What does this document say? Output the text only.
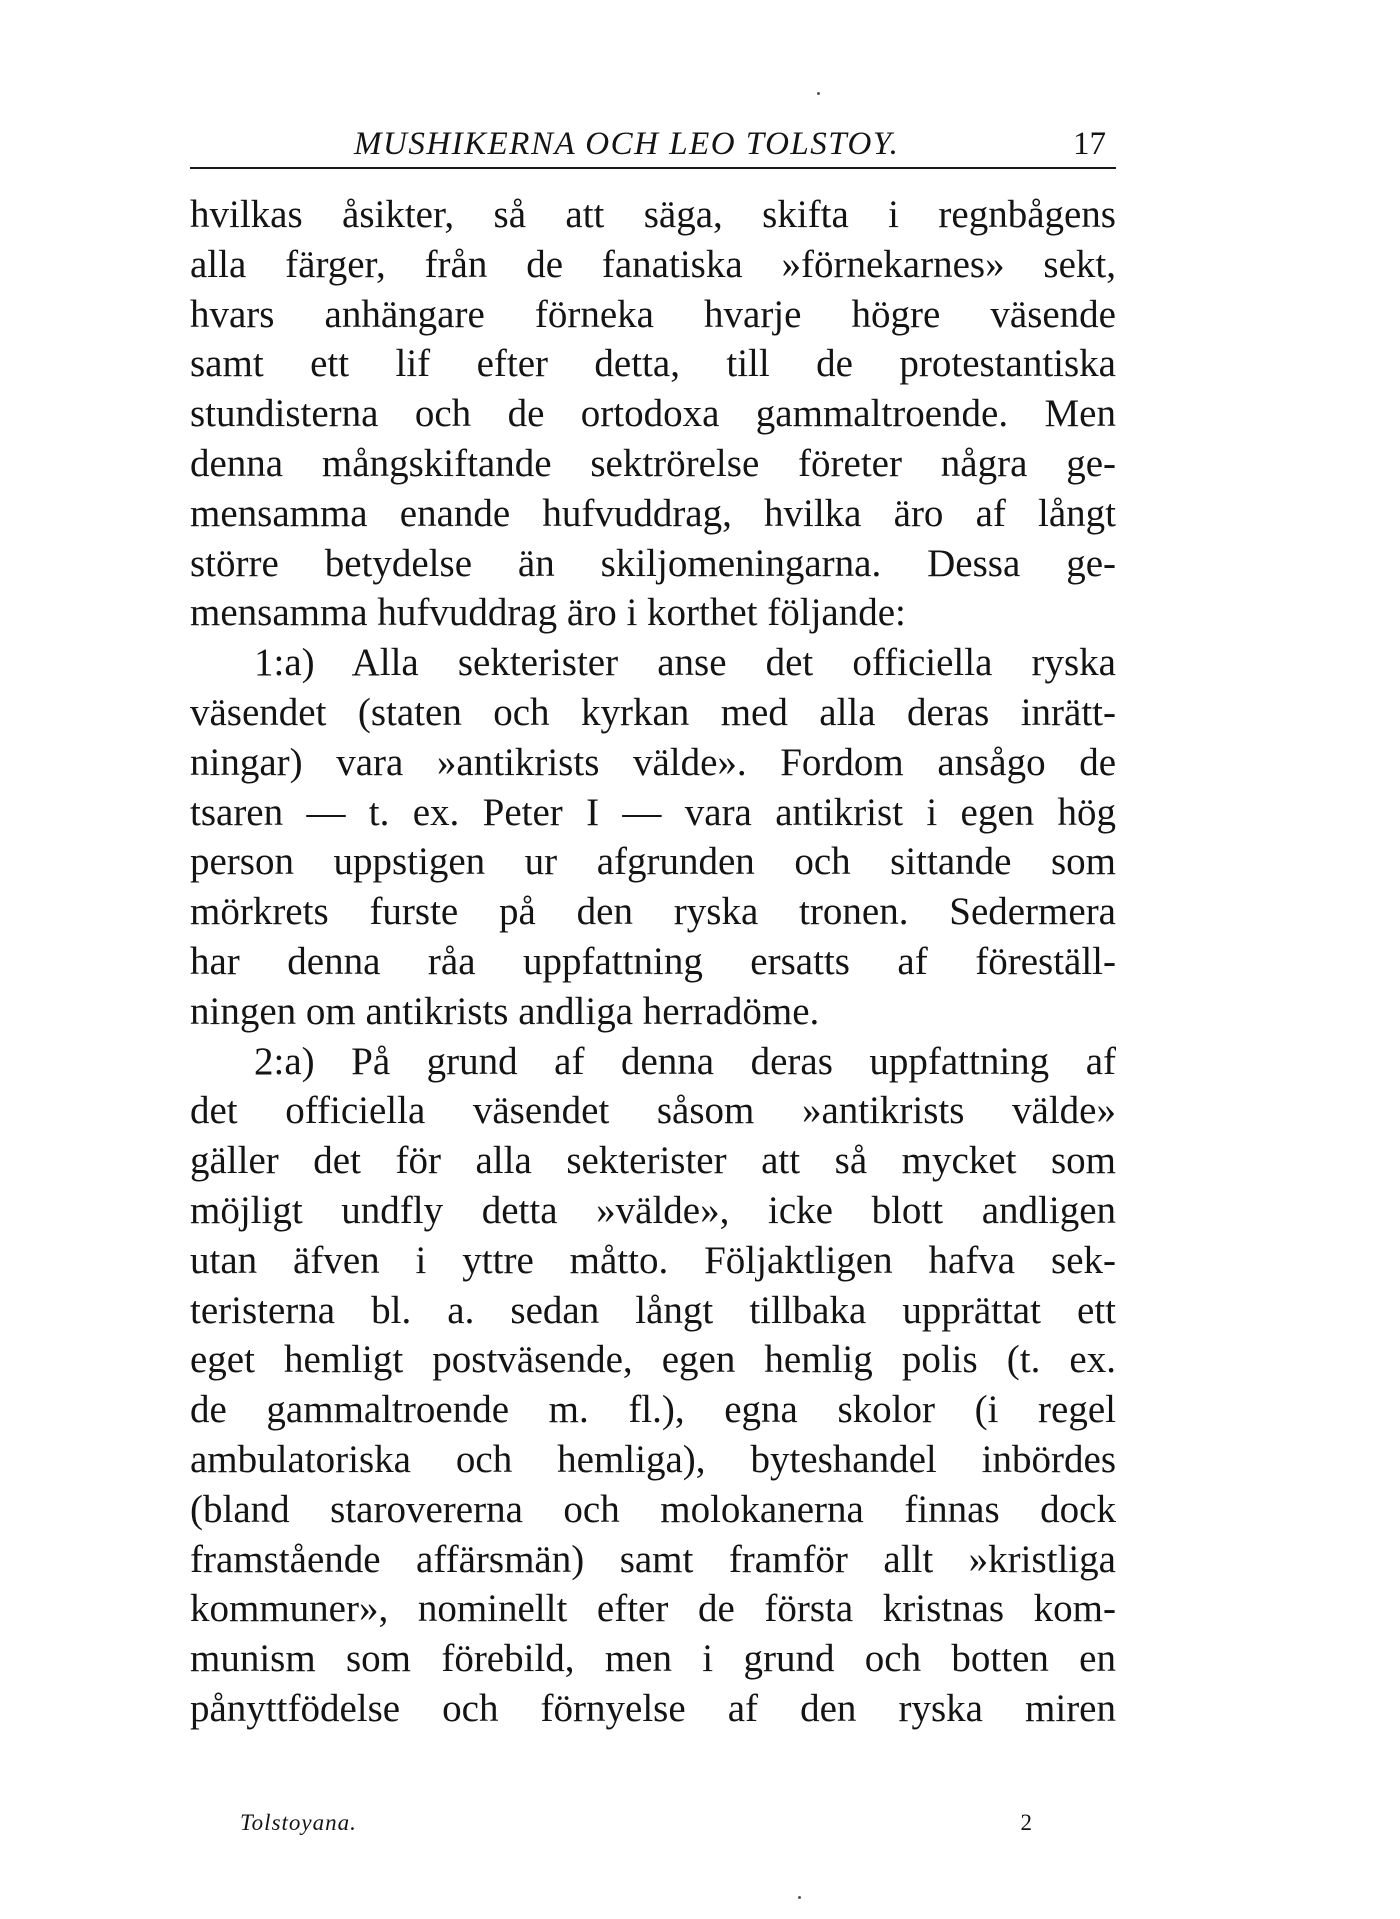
MUSHIKERNA OCH LEO TOLSTOY.	17
hvilkas åsikter, så att säga, skifta i regnbågens
alla färger, från de fanatiska »förnekarnes» sekt,
hvars anhängare förneka hvarje högre väsende
samt ett lif efter detta, till de protestantiska
stundisterna och de ortodoxa gammaltroende. Men
denna mångskiftande sektrörelse företer några ge-
mensamma enande hufvuddrag, hvilka äro af långt
större betydelse än skiljomeningarna. Dessa ge-
mensamma hufvuddrag äro i korthet följande:
1:a) Alla sekterister anse det officiella ryska
väsendet (staten och kyrkan med alla deras inrätt-
ningar) vara »antikrists välde». Fordom ansågo de
tsaren — t. ex. Peter I — vara antikrist i egen hög
person uppstigen ur afgrunden och sittande som
mörkrets furste på den ryska tronen. Sedermera
har denna råa uppfattning ersatts af föreställ-
ningen om antikrists andliga herradöme.
2:a) På grund af denna deras uppfattning af
det officiella väsendet såsom »antikrists välde»
gäller det för alla sekterister att så mycket som
möjligt undfly detta »välde», icke blott andligen
utan äfven i yttre måtto. Följaktligen hafva sek-
teristerna bl. a. sedan långt tillbaka upprättat ett
eget hemligt postväsende, egen hemlig polis (t. ex.
de gammaltroende m. fl.), egna skolor (i regel
ambulatoriska och hemliga), byteshandel inbördes
(bland starovererna och molokanerna finnas dock
framstående affärsmän) samt framför allt »kristliga
kommuner», nominellt efter de första kristnas kom-
munism som förebild, men i grund och botten en
pånyttfödelse och förnyelse af den ryska miren
Tolstoyana.	2
